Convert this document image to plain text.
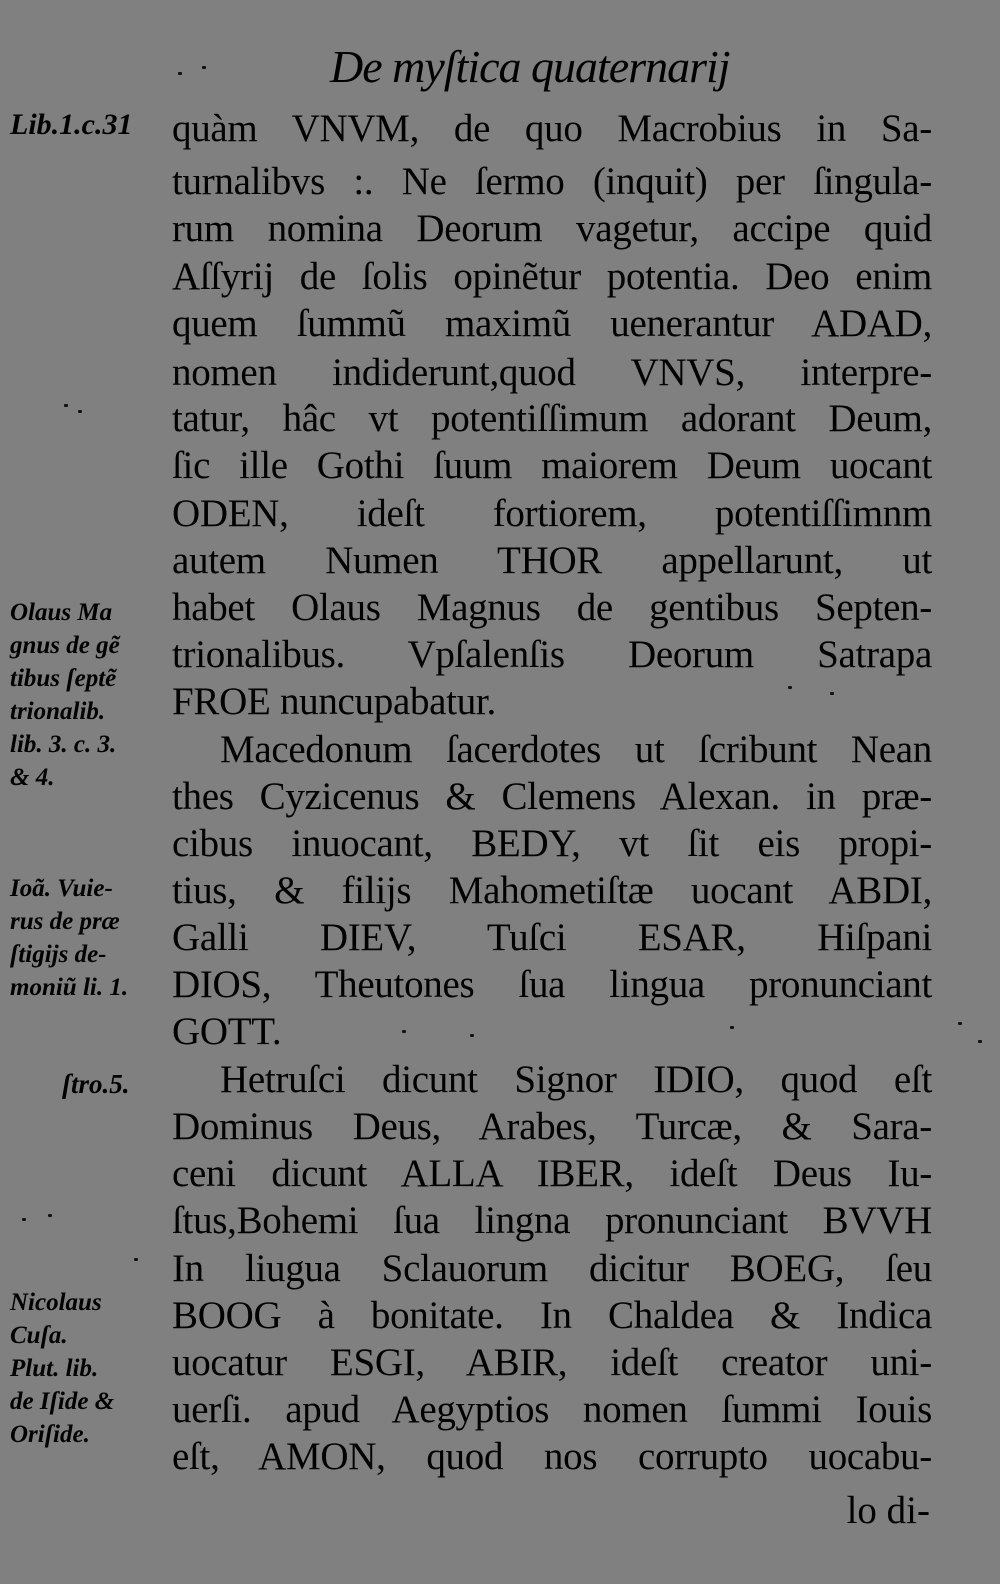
De myſtica quaternarij
quàm VNVM, de quo Macrobius in Sa-
turnalibvs :. Ne ſermo (inquit) per ſingula-
rum nomina Deorum vagetur, accipe quid
Aſſyrij de ſolis opinẽtur potentia. Deo enim
quem ſummũ maximũ uenerantur ADAD,
nomen indiderunt,quod VNVS, interpre-
tatur, hâc vt potentiſſimum adorant Deum,
ſic ille Gothi ſuum maiorem Deum uocant
ODEN, ideſt fortiorem, potentiſſimnm
autem Numen THOR appellarunt, ut
habet Olaus Magnus de gentibus Septen-
trionalibus. Vpſalenſis Deorum Satrapa
FROE nuncupabatur.
Macedonum ſacerdotes ut ſcribunt Nean
thes Cyzicenus & Clemens Alexan. in præ-
cibus inuocant, BEDY, vt ſit eis propi-
tius, & filijs Mahometiſtæ uocant ABDI,
Galli DIEV, Tuſci ESAR, Hiſpani
DIOS, Theutones ſua lingua pronunciant
GOTT.
Hetruſci dicunt Signor IDIO, quod eſt
Dominus Deus, Arabes, Turcæ, & Sara-
ceni dicunt ALLA IBER, ideſt Deus Iu-
ſtus,Bohemi ſua lingna pronunciant BVVH
In liugua Sclauorum dicitur BOEG, ſeu
BOOG à bonitate. In Chaldea & Indica
uocatur ESGI, ABIR, ideſt creator uni-
uerſi. apud Aegyptios nomen ſummi Iouis
eſt, AMON, quod nos corrupto uocabu-
Lib.1.c.31
Olaus Ma
gnus de gẽ
tibus ſeptẽ
trionalib.
lib. 3. c. 3.
& 4.
Ioã. Vuie-
rus de præ
ſtigijs de-
moniũ li. 1.
ſtro.5.
Nicolaus
Cuſa.
Plut. lib.
de Iſide &
Oriſide.
lo di-
